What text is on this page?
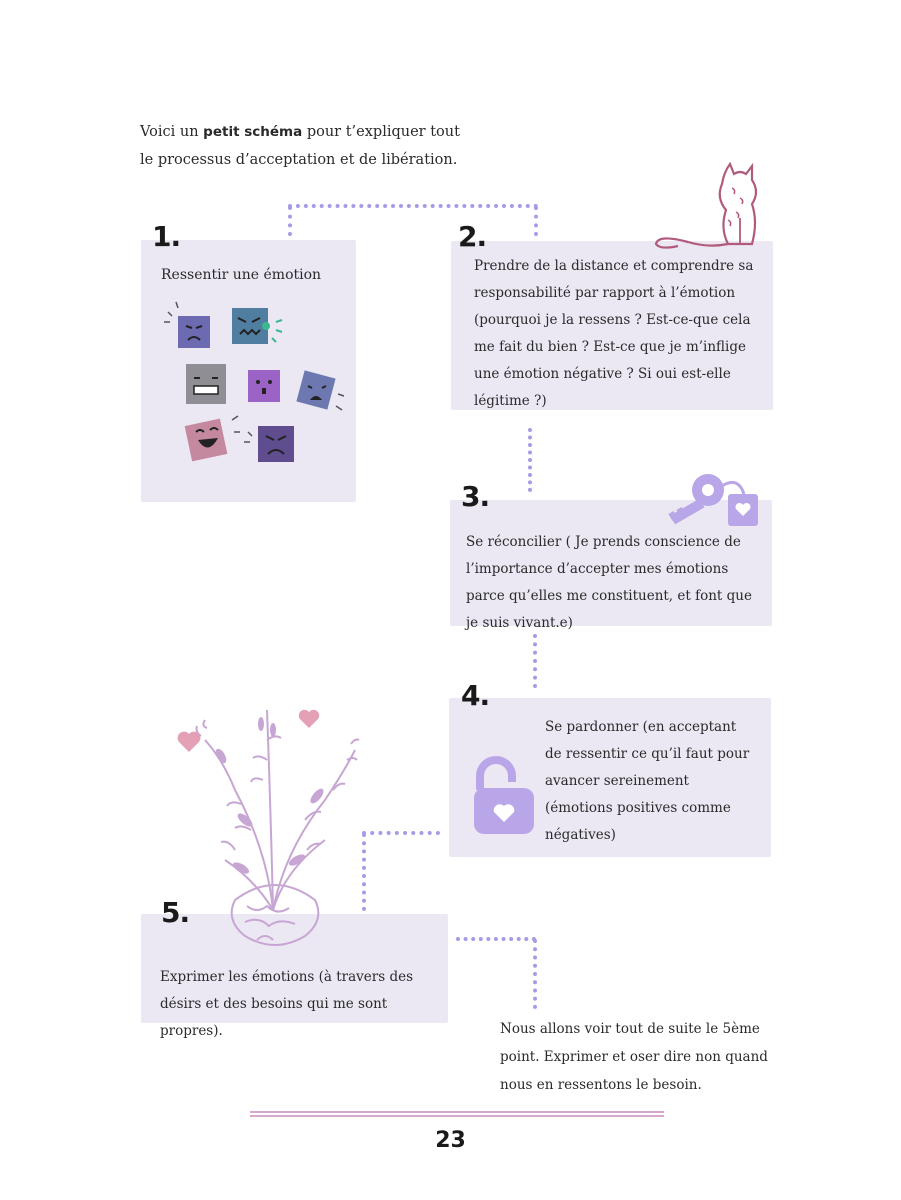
Voici un petit schéma pour t’expliquer tout le processus d’acceptation et de libération.
1.
Ressentir une émotion
2.
Prendre de la distance et comprendre sa responsabilité par rapport à l’émotion (pourquoi je la ressens ? Est-ce-que cela me fait du bien ? Est-ce que je m’inflige une émotion négative ? Si oui est-elle légitime ?)
3.
Se réconcilier ( Je prends conscience de l’importance d’accepter mes émotions parce qu’elles me constituent, et font que je suis vivant.e)
4.
Se pardonner (en acceptant de ressentir ce qu’il faut pour avancer sereinement (émotions positives comme négatives)
5.
Exprimer les émotions (à travers des désirs et des besoins qui me sont propres).	Nous allons voir tout de suite le 5ème point. Exprimer et oser dire non quand nous en ressentons le besoin.
23
